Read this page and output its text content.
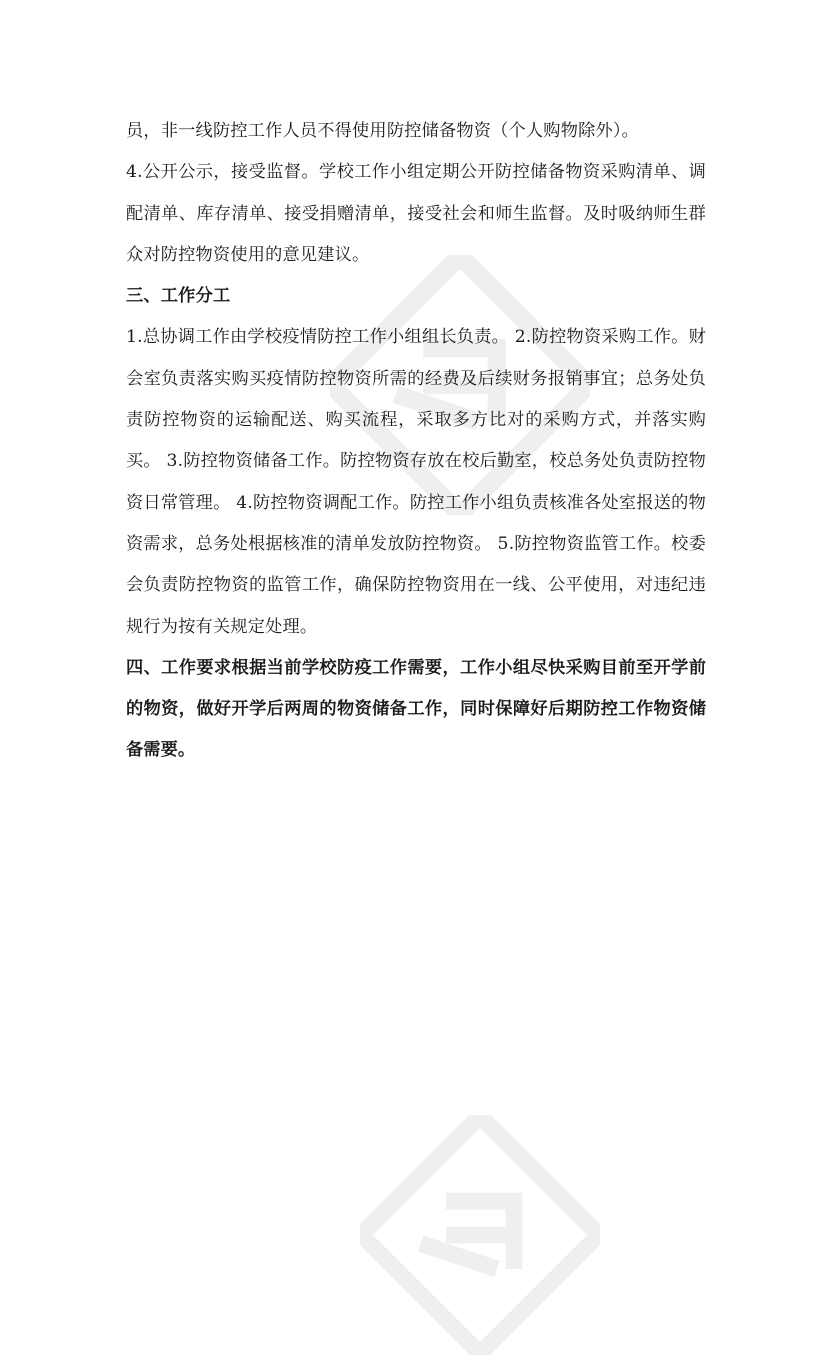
员，非一线防控工作人员不得使用防控储备物资（个人购物除外）。

4.公开公示，接受监督。学校工作小组定期公开防控储备物资采购清单、调配清单、库存清单、接受捐赠清单，接受社会和师生监督。及时吸纳师生群众对防控物资使用的意见建议。

三、工作分工

1.总协调工作由学校疫情防控工作小组组长负责。 2.防控物资采购工作。财会室负责落实购买疫情防控物资所需的经费及后续财务报销事宜；总务处负责防控物资的运输配送、购买流程，采取多方比对的采购方式，并落实购买。 3.防控物资储备工作。防控物资存放在校后勤室，校总务处负责防控物资日常管理。 4.防控物资调配工作。防控工作小组负责核准各处室报送的物资需求，总务处根据核准的清单发放防控物资。 5.防控物资监管工作。校委会负责防控物资的监管工作，确保防控物资用在一线、公平使用，对违纪违规行为按有关规定处理。

四、工作要求根据当前学校防疫工作需要，工作小组尽快采购目前至开学前的物资，做好开学后两周的物资储备工作，同时保障好后期防控工作物资储备需要。
